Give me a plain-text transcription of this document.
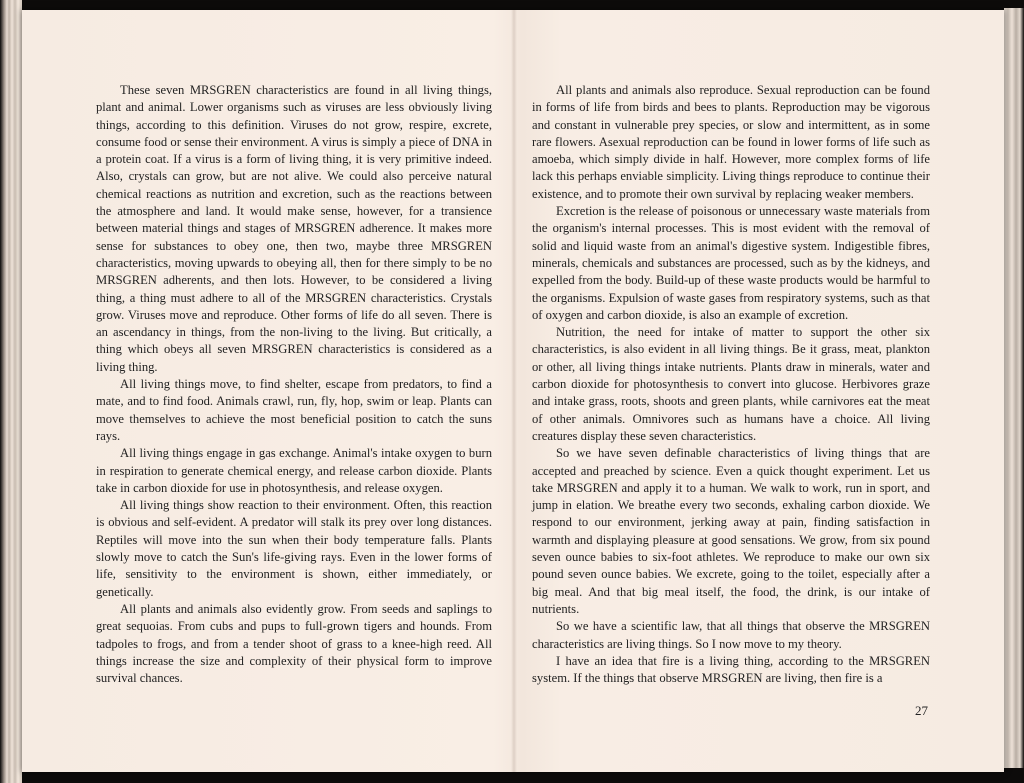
These seven MRSGREN characteristics are found in all living things, plant and animal. Lower organisms such as viruses are less obviously living things, according to this definition. Viruses do not grow, respire, excrete, consume food or sense their environment. A virus is simply a piece of DNA in a protein coat. If a virus is a form of living thing, it is very primitive indeed. Also, crystals can grow, but are not alive. We could also perceive natural chemical reactions as nutrition and excretion, such as the reactions between the atmosphere and land. It would make sense, however, for a transience between material things and stages of MRSGREN adherence. It makes more sense for substances to obey one, then two, maybe three MRSGREN characteristics, moving upwards to obeying all, then for there simply to be no MRSGREN adherents, and then lots. However, to be considered a living thing, a thing must adhere to all of the MRSGREN characteristics. Crystals grow. Viruses move and reproduce. Other forms of life do all seven. There is an ascendancy in things, from the non-living to the living. But critically, a thing which obeys all seven MRSGREN characteristics is considered as a living thing.

All living things move, to find shelter, escape from predators, to find a mate, and to find food. Animals crawl, run, fly, hop, swim or leap. Plants can move themselves to achieve the most beneficial position to catch the suns rays.

All living things engage in gas exchange. Animal's intake oxygen to burn in respiration to generate chemical energy, and release carbon dioxide. Plants take in carbon dioxide for use in photosynthesis, and release oxygen.

All living things show reaction to their environment. Often, this reaction is obvious and self-evident. A predator will stalk its prey over long distances. Reptiles will move into the sun when their body temperature falls. Plants slowly move to catch the Sun's life-giving rays. Even in the lower forms of life, sensitivity to the environment is shown, either immediately, or genetically.

All plants and animals also evidently grow. From seeds and saplings to great sequoias. From cubs and pups to full-grown tigers and hounds. From tadpoles to frogs, and from a tender shoot of grass to a knee-high reed. All things increase the size and complexity of their physical form to improve survival chances.

All plants and animals also reproduce. Sexual reproduction can be found in forms of life from birds and bees to plants. Reproduction may be vigorous and constant in vulnerable prey species, or slow and intermittent, as in some rare flowers. Asexual reproduction can be found in lower forms of life such as amoeba, which simply divide in half. However, more complex forms of life lack this perhaps enviable simplicity. Living things reproduce to continue their existence, and to promote their own survival by replacing weaker members.

Excretion is the release of poisonous or unnecessary waste materials from the organism's internal processes. This is most evident with the removal of solid and liquid waste from an animal's digestive system. Indigestible fibres, minerals, chemicals and substances are processed, such as by the kidneys, and expelled from the body. Build-up of these waste products would be harmful to the organisms. Expulsion of waste gases from respiratory systems, such as that of oxygen and carbon dioxide, is also an example of excretion.

Nutrition, the need for intake of matter to support the other six characteristics, is also evident in all living things. Be it grass, meat, plankton or other, all living things intake nutrients. Plants draw in minerals, water and carbon dioxide for photosynthesis to convert into glucose. Herbivores graze and intake grass, roots, shoots and green plants, while carnivores eat the meat of other animals. Omnivores such as humans have a choice. All living creatures display these seven characteristics.

So we have seven definable characteristics of living things that are accepted and preached by science. Even a quick thought experiment. Let us take MRSGREN and apply it to a human. We walk to work, run in sport, and jump in elation. We breathe every two seconds, exhaling carbon dioxide. We respond to our environment, jerking away at pain, finding satisfaction in warmth and displaying pleasure at good sensations. We grow, from six pound seven ounce babies to six-foot athletes. We reproduce to make our own six pound seven ounce babies. We excrete, going to the toilet, especially after a big meal. And that big meal itself, the food, the drink, is our intake of nutrients.

So we have a scientific law, that all things that observe the MRSGREN characteristics are living things. So I now move to my theory.

I have an idea that fire is a living thing, according to the MRSGREN system. If the things that observe MRSGREN are living, then fire is a

27
